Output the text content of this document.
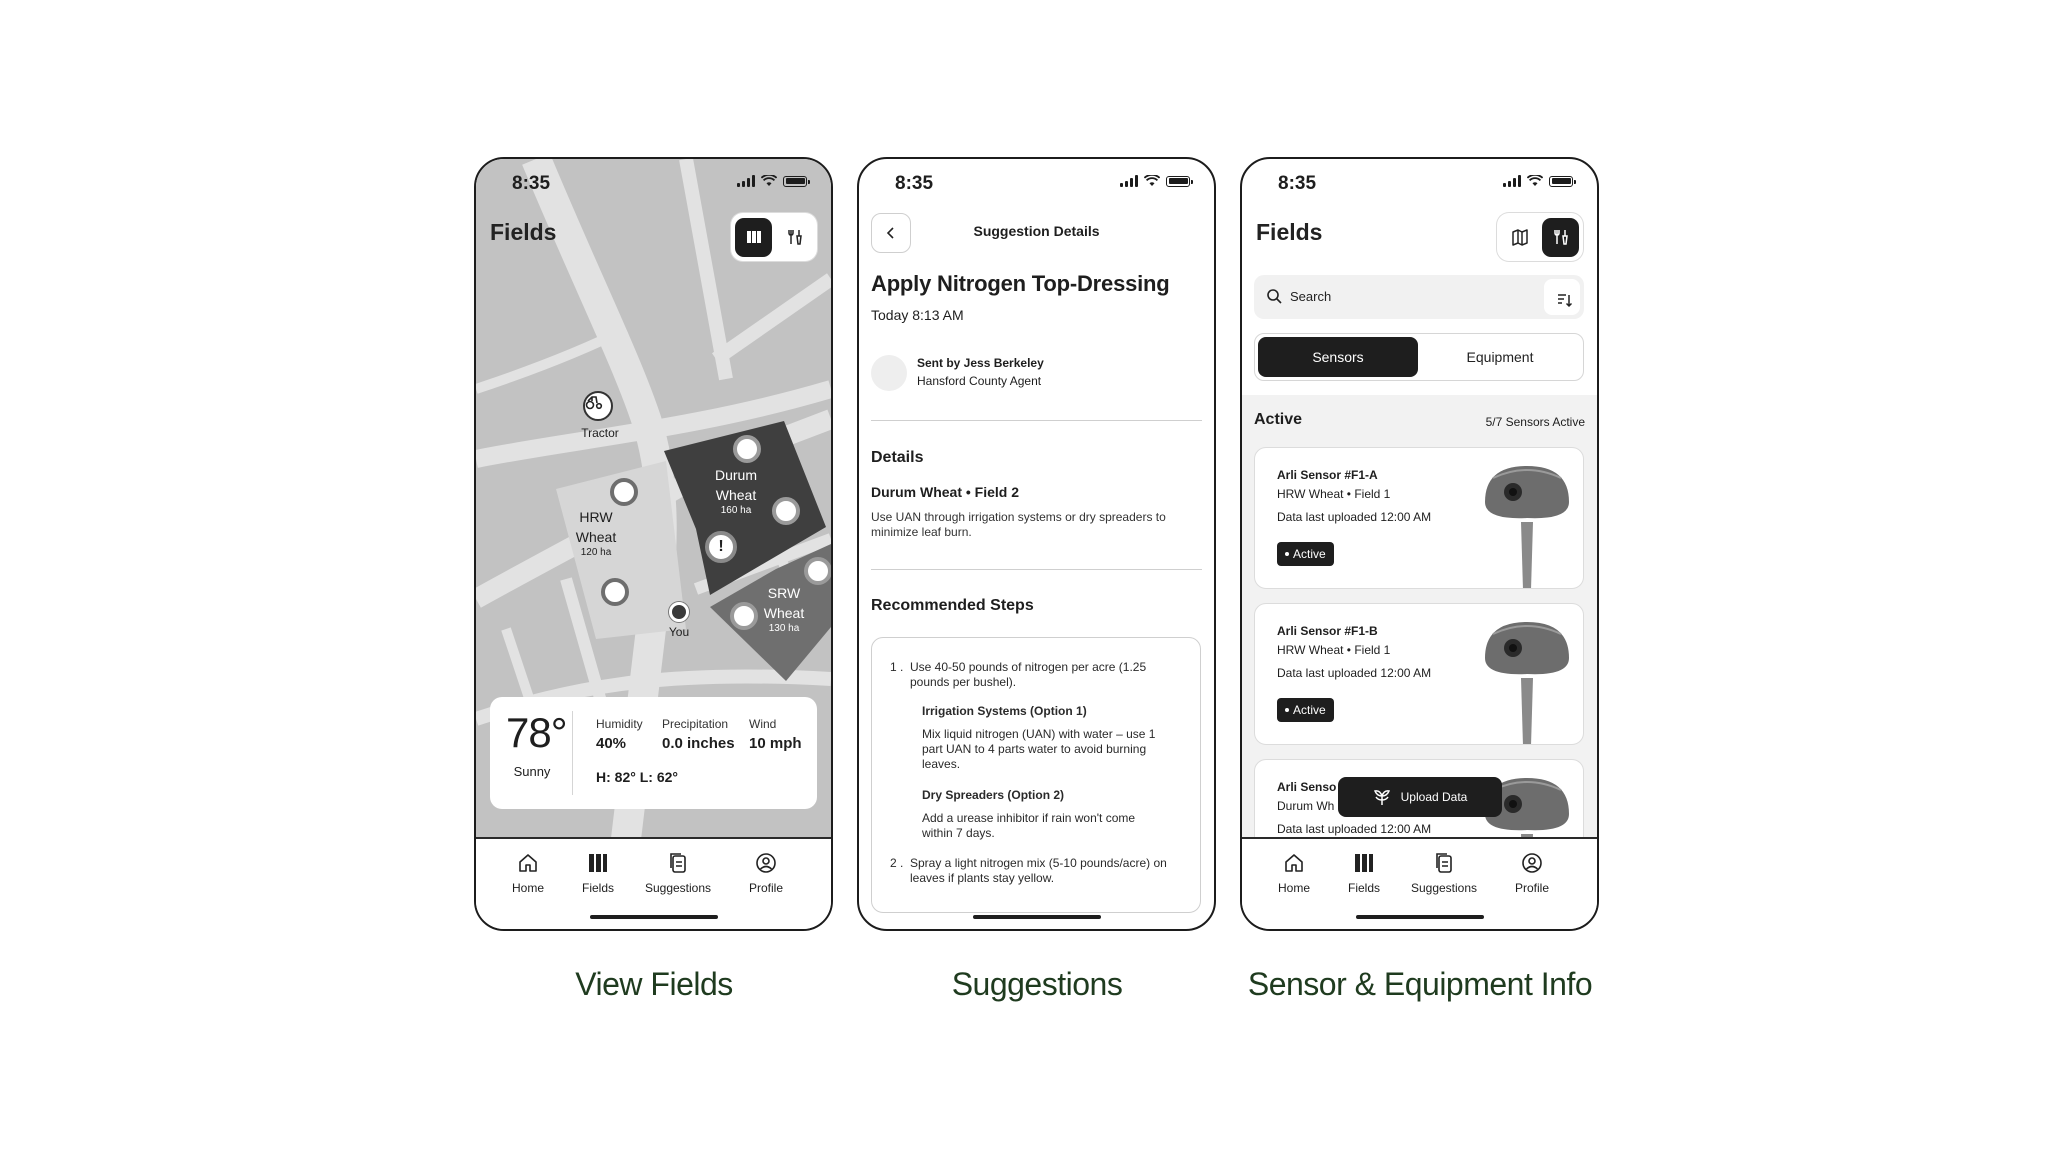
Tractor
HRW
Wheat
120 ha
Durum
Wheat
160 ha
SRW
Wheat
130 ha
!
You
8:35
Fields
78°
Sunny
Humidity
40%
Precipitation
0.0 inches
Wind
10 mph
H: 82° L: 62°
Home	Fields	Suggestions	Profile
View Fields
8:35
Suggestion Details
Apply Nitrogen Top-Dressing
Today 8:13 AM
Sent by Jess Berkeley
Hansford County Agent
Details
Durum Wheat • Field 2
Use UAN through irrigation systems or dry spreaders to minimize leaf burn.
Recommended Steps
1 . Use 40-50 pounds of nitrogen per acre (1.25 pounds per bushel).
Irrigation Systems (Option 1)
Mix liquid nitrogen (UAN) with water – use 1 part UAN to 4 parts water to avoid burning leaves.
Dry Spreaders (Option 2)
Add a urease inhibitor if rain won't come within 7 days.
2 . Spray a light nitrogen mix (5-10 pounds/acre) on leaves if plants stay yellow.
Suggestions
8:35
Fields
Search
Sensors	Equipment
Active	5/7 Sensors Active
Arli Sensor #F1-A
HRW Wheat • Field 1
Data last uploaded 12:00 AM
Active
Arli Sensor #F1-B
HRW Wheat • Field 1
Data last uploaded 12:00 AM
Active
Arli Senso
Durum Wh
Data last uploaded 12:00 AM
Upload Data
Home	Fields	Suggestions	Profile
Sensor & Equipment Info
